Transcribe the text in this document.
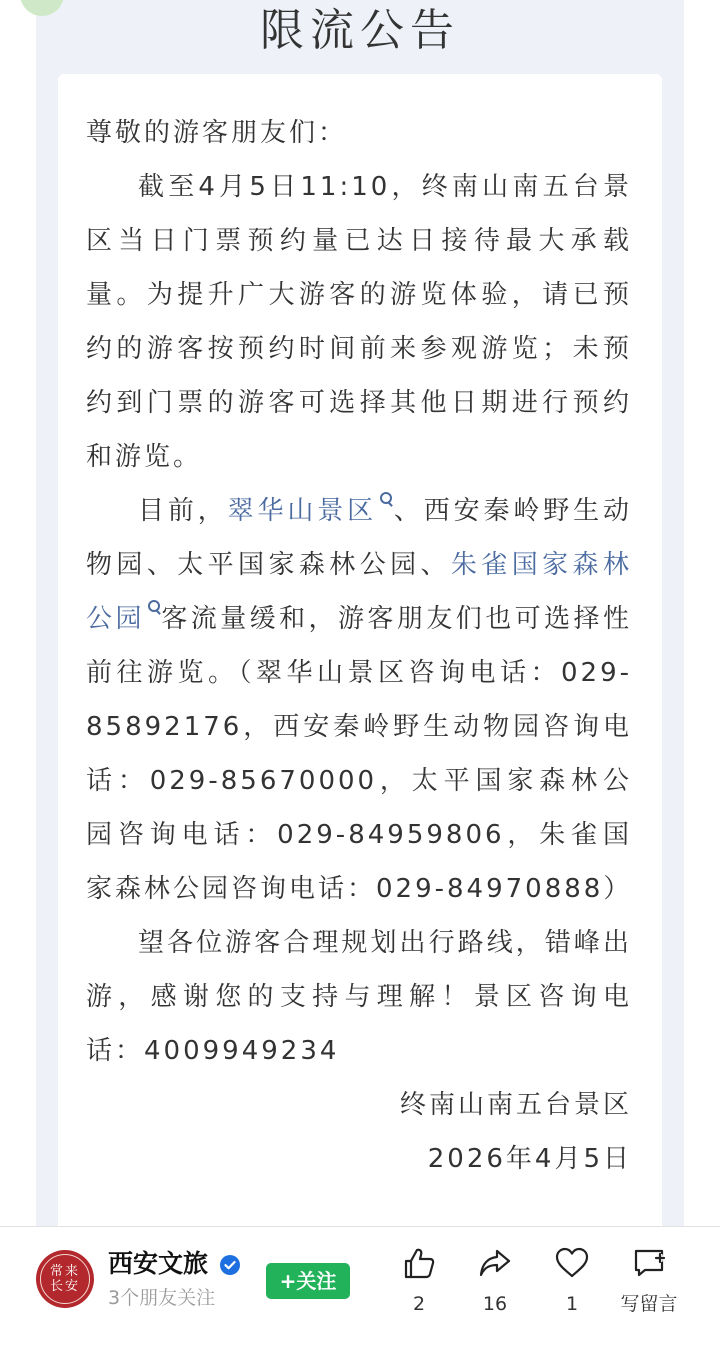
限流公告

尊敬的游客朋友们：

截至4月5日11:10，终南山南五台景区当日门票预约量已达日接待最大承载量。为提升广大游客的游览体验，请已预约的游客按预约时间前来参观游览；未预约到门票的游客可选择其他日期进行预约和游览。

目前，翠华山景区 、西安秦岭野生动物园、太平国家森林公园、朱雀国家森林公园 客流量缓和，游客朋友们也可选择性前往游览。（翠华山景区咨询电话：029-85892176，西安秦岭野生动物园咨询电话：029-85670000，太平国家森林公园咨询电话：029-84959806，朱雀国家森林公园咨询电话：029-84970888）

望各位游客合理规划出行路线，错峰出游，感谢您的支持与理解！景区咨询电话：4009949234

终南山南五台景区

2026年4月5日

常来 长安
西安文旅
3个朋友关注
+关注
2	16	1	写留言
